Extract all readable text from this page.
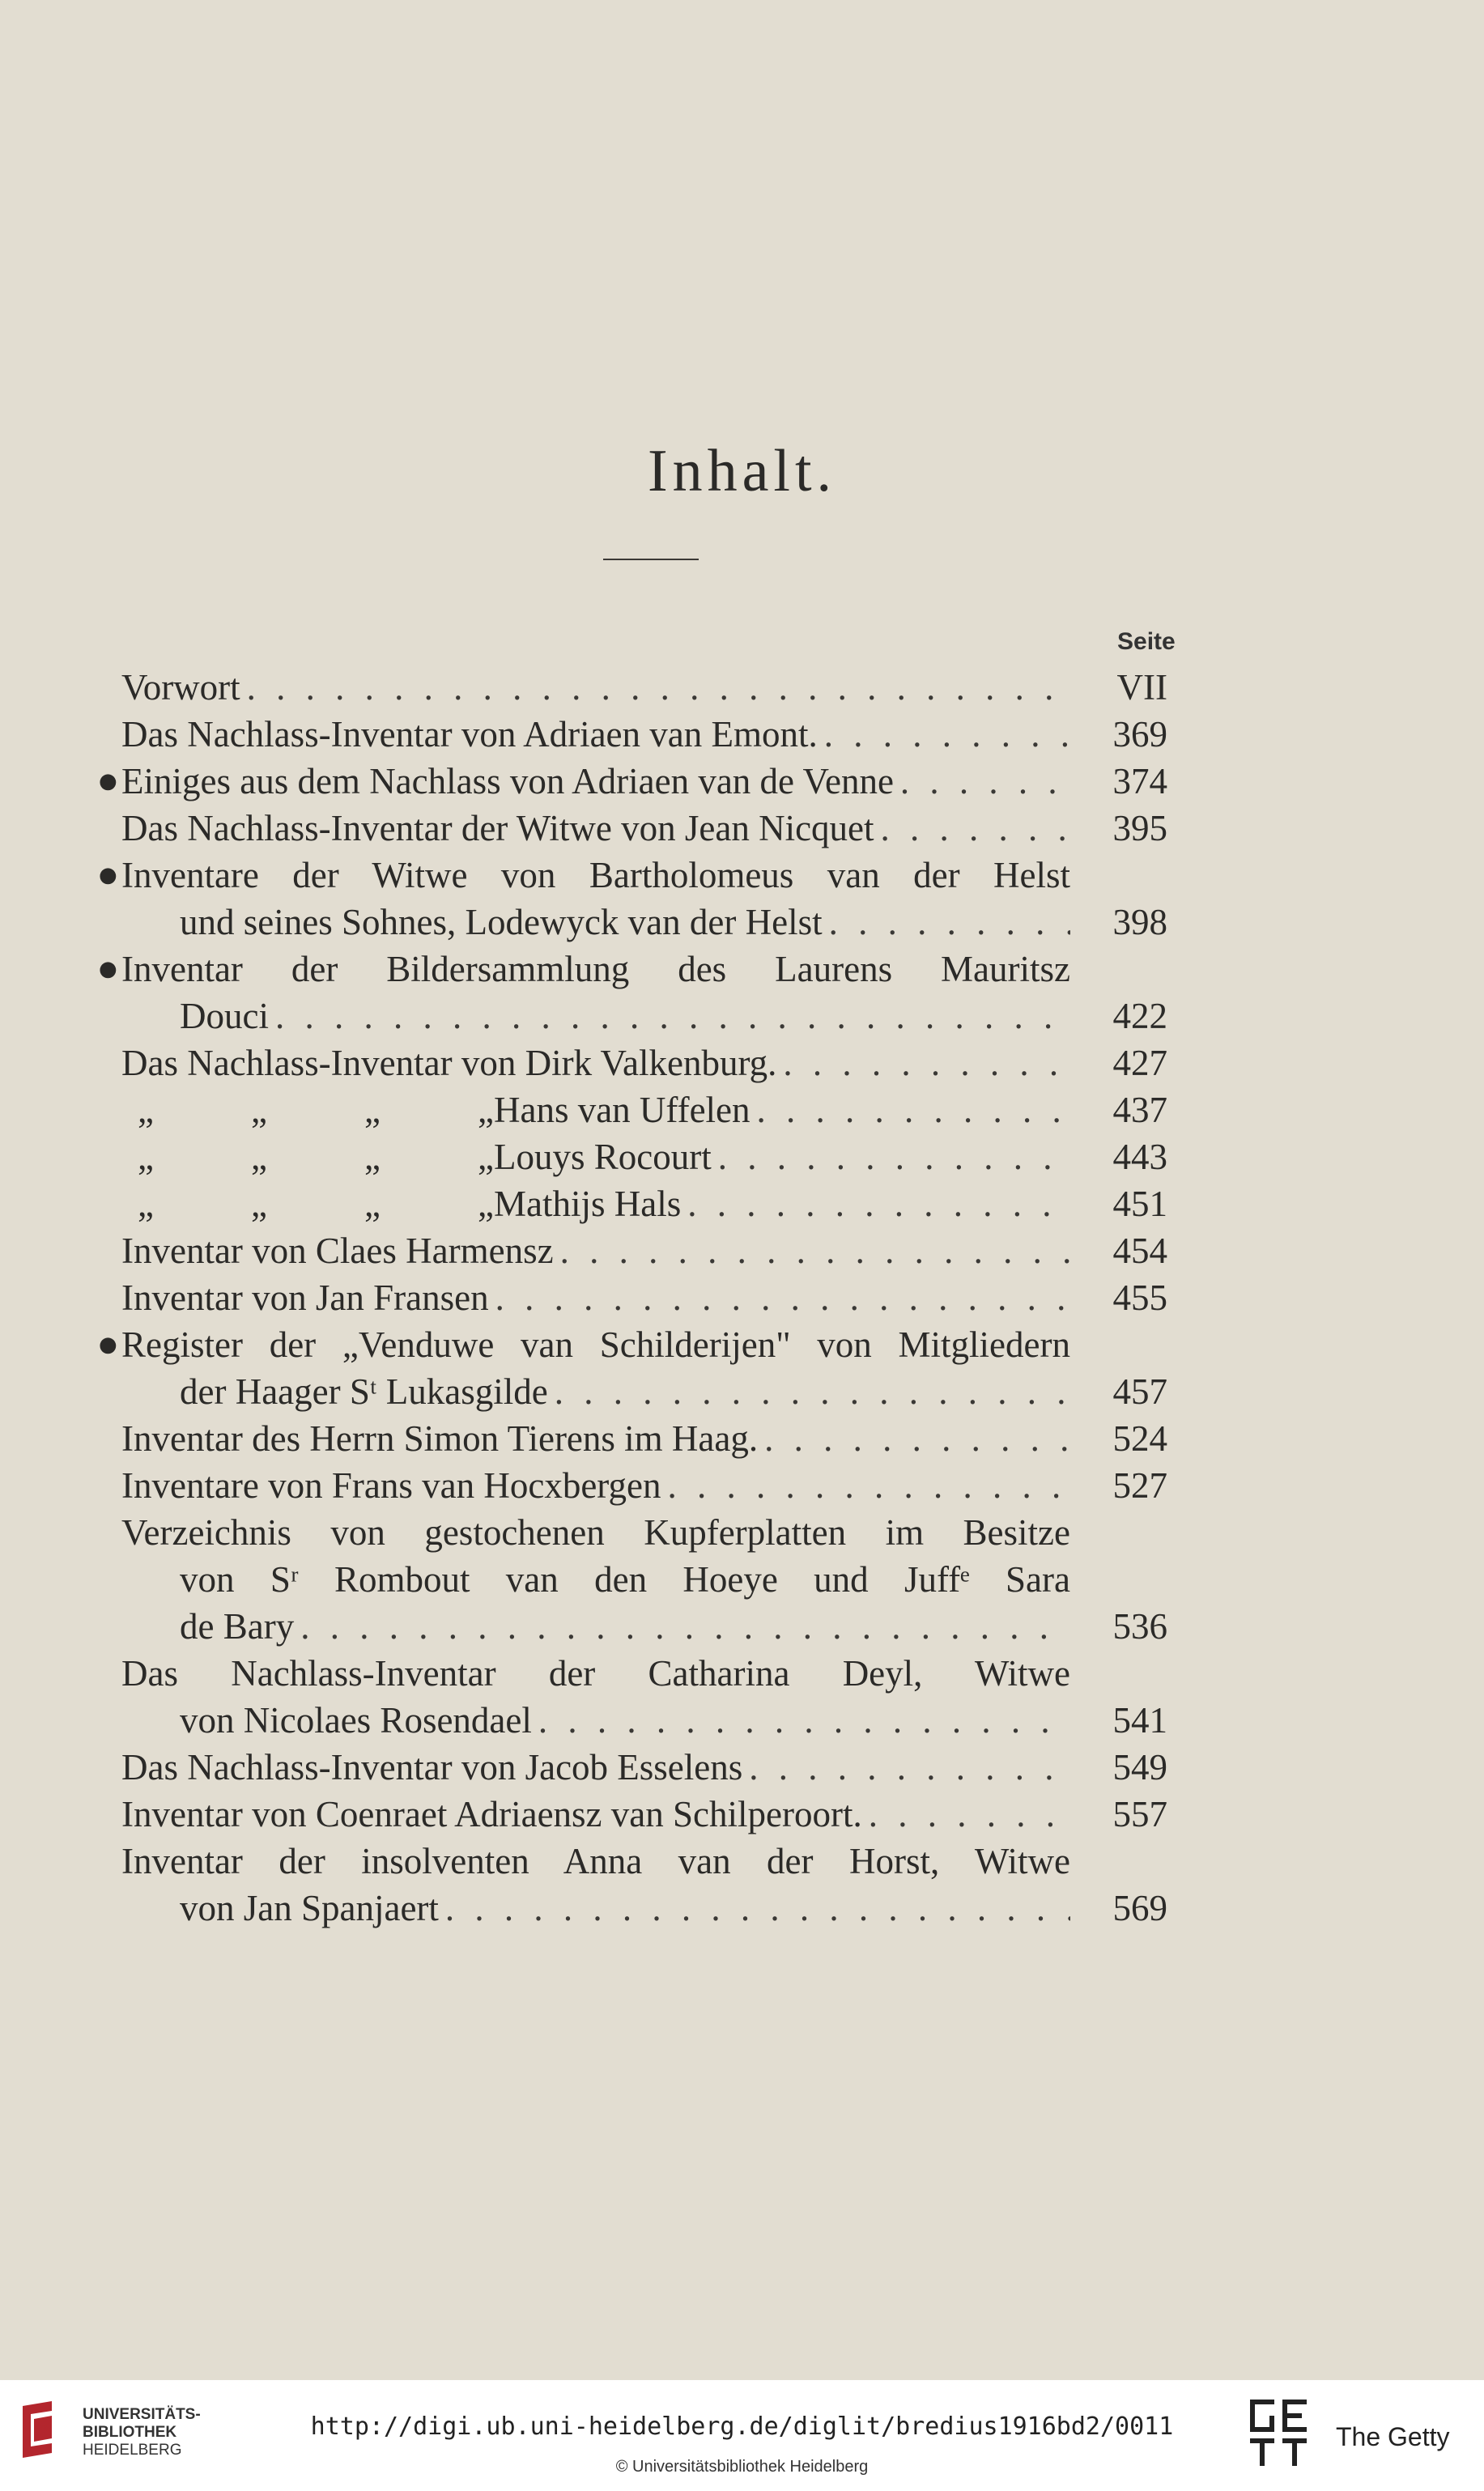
Inhalt.
Seite
Vorwort . . .	VII
Das Nachlass-Inventar von Adriaen van Emont. . . .	369
● Einiges aus dem Nachlass von Adriaen van de Venne . . .	374
Das Nachlass-Inventar der Witwe von Jean Nicquet . . .	395
● Inventare der Witwe von Bartholomeus van der Helst
und seines Sohnes, Lodewyck van der Helst . . .	398
● Inventar der Bildersammlung des Laurens Mauritsz
Douci . . .	422
Das Nachlass-Inventar von Dirk Valkenburg. . . .	427
„	„	„	„Hans van Uffelen . . .	437
„	„	„	„Louys Rocourt . . .	443
„	„	„	„Mathijs Hals . . .	451
Inventar von Claes Harmensz . . .	454
Inventar von Jan Fransen . . .	455
● Register der „Venduwe van Schilderijen" von Mitgliedern
der Haager Sᵗ Lukasgilde . . .	457
Inventar des Herrn Simon Tierens im Haag. . . .	524
Inventare von Frans van Hocxbergen . . .	527
Verzeichnis von gestochenen Kupferplatten im Besitze
von Sʳ Rombout van den Hoeye und Juffᵉ Sara
de Bary . . .	536
Das Nachlass-Inventar der Catharina Deyl, Witwe
von Nicolaes Rosendael . . .	541
Das Nachlass-Inventar von Jacob Esselens . . .	549
Inventar von Coenraet Adriaensz van Schilperoort. . . .	557
Inventar der insolventen Anna van der Horst, Witwe
von Jan Spanjaert . . .	569
UNIVERSITÄTS-
BIBLIOTHEK
HEIDELBERG
http://digi.ub.uni-heidelberg.de/diglit/bredius1916bd2/0011
© Universitätsbibliothek Heidelberg
The Getty
